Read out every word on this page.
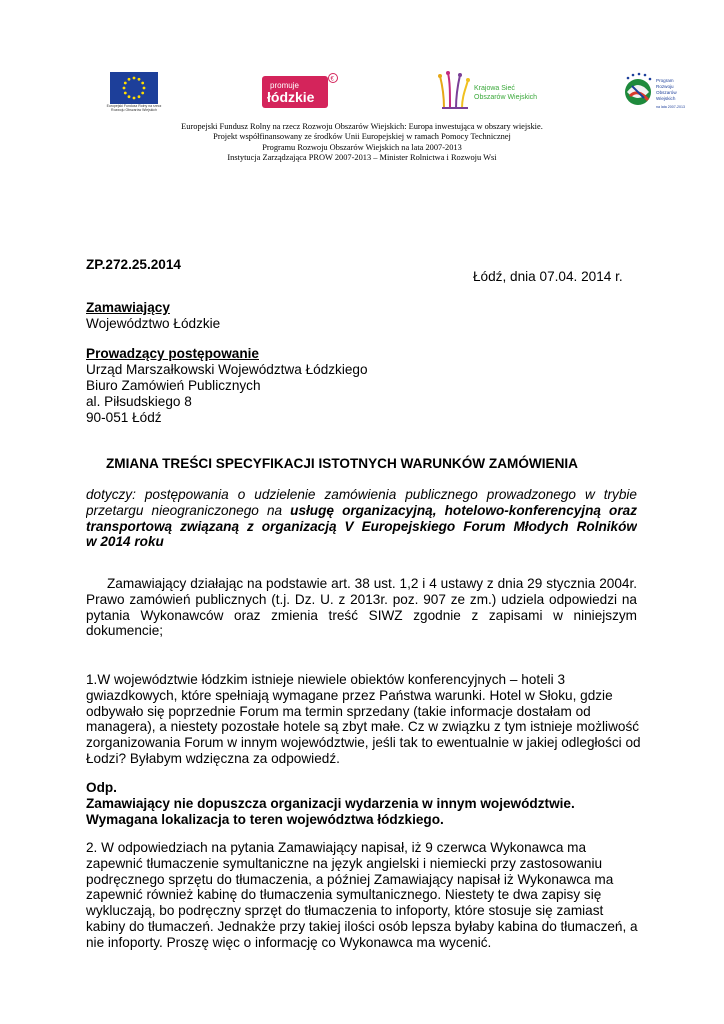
Europejski Fundusz Rolny na rzecz Rozwoju Obszarów Wiejskich
promuje
łódzkie
€
Krajowa Sieć
Obszarów Wiejskich
Program
Rozwoju
Obszarów
Wiejskich
na lata 2007-2013
Europejski Fundusz Rolny na rzecz Rozwoju Obszarów Wiejskich: Europa inwestująca w obszary wiejskie.
Projekt współfinansowany ze środków Unii Europejskiej w ramach Pomocy Technicznej
Programu Rozwoju Obszarów Wiejskich na lata 2007-2013
Instytucja Zarządzająca PROW 2007-2013 – Minister Rolnictwa i Rozwoju Wsi
ZP.272.25.2014
Łódź, dnia 07.04. 2014 r.
Zamawiający
Województwo Łódzkie
Prowadzący postępowanie
Urząd Marszałkowski Województwa Łódzkiego
Biuro Zamówień Publicznych
al. Piłsudskiego 8
90-051 Łódź
ZMIANA TREŚCI SPECYFIKACJI ISTOTNYCH WARUNKÓW ZAMÓWIENIA
dotyczy: postępowania o udzielenie zamówienia publicznego prowadzonego w trybie
przetargu nieograniczonego na usługę organizacyjną, hotelowo-konferencyjną oraz
transportową związaną z organizacją V Europejskiego Forum Młodych Rolników
w 2014 roku
Zamawiający działając na podstawie art. 38 ust. 1,2 i 4 ustawy z dnia 29 stycznia 2004r.
Prawo zamówień publicznych (t.j. Dz. U. z 2013r. poz. 907 ze zm.) udziela odpowiedzi na
pytania Wykonawców oraz zmienia treść SIWZ zgodnie z zapisami w niniejszym
dokumencie;
1.W województwie łódzkim istnieje niewiele obiektów konferencyjnych – hoteli 3
gwiazdkowych, które spełniają wymagane przez Państwa warunki. Hotel w Słoku, gdzie
odbywało się poprzednie Forum ma termin sprzedany (takie informacje dostałam od
managera), a niestety pozostałe hotele są zbyt małe. Cz w związku z tym istnieje możliwość
zorganizowania Forum w innym województwie, jeśli tak to ewentualnie w jakiej odległości od
Łodzi? Byłabym wdzięczna za odpowiedź.
Odp.
Zamawiający nie dopuszcza organizacji wydarzenia w innym województwie.
Wymagana lokalizacja to teren województwa łódzkiego.
2. W odpowiedziach na pytania Zamawiający napisał, iż 9 czerwca Wykonawca ma
zapewnić tłumaczenie symultaniczne na język angielski i niemiecki przy zastosowaniu
podręcznego sprzętu do tłumaczenia, a później Zamawiający napisał iż Wykonawca ma
zapewnić również kabinę do tłumaczenia symultanicznego. Niestety te dwa zapisy się
wykluczają, bo podręczny sprzęt do tłumaczenia to infoporty, które stosuje się zamiast
kabiny do tłumaczeń. Jednakże przy takiej ilości osób lepsza byłaby kabina do tłumaczeń, a
nie infoporty. Proszę więc o informację co Wykonawca ma wycenić.
